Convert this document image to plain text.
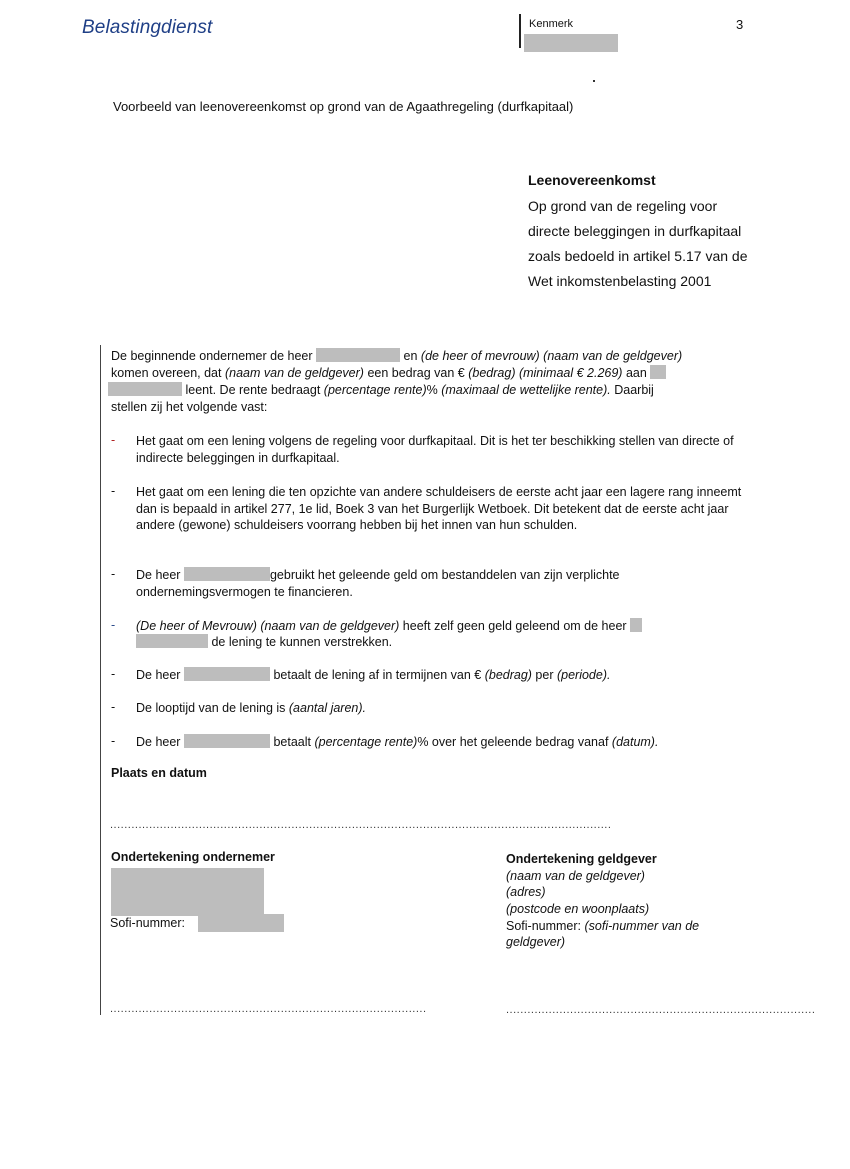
Belastingdienst	Kenmerk	3
Voorbeeld van leenovereenkomst op grond van de Agaathregeling (durfkapitaal)
Leenovereenkomst
Op grond van de regeling voor
directe beleggingen in durfkapitaal
zoals bedoeld in artikel 5.17 van de
Wet inkomstenbelasting 2001
De beginnende ondernemer de heer	en (de heer of mevrouw) (naam van de geldgever)
komen overeen, dat (naam van de geldgever) een bedrag van € (bedrag) (minimaal € 2.269) aan
leent. De rente bedraagt (percentage rente)% (maximaal de wettelijke rente). Daarbij
stellen zij het volgende vast:
- Het gaat om een lening volgens de regeling voor durfkapitaal. Dit is het ter beschikking stellen van directe of indirecte beleggingen in durfkapitaal.
- Het gaat om een lening die ten opzichte van andere schuldeisers de eerste acht jaar een lagere rang inneemt dan is bepaald in artikel 277, 1e lid, Boek 3 van het Burgerlijk Wetboek. Dit betekent dat de eerste acht jaar andere (gewone) schuldeisers voorrang hebben bij het innen van hun schulden.
- De heer	gebruikt het geleende geld om bestanddelen van zijn verplichte
ondernemingsvermogen te financieren.
- (De heer of Mevrouw) (naam van de geldgever) heeft zelf geen geld geleend om de heer
de lening te kunnen verstrekken.
- De heer	betaalt de lening af in termijnen van € (bedrag) per (periode).
- De looptijd van de lening is (aantal jaren).
- De heer	betaalt (percentage rente)% over het geleende bedrag vanaf (datum).
Plaats en datum
.............................................................................................................................................
Ondertekening ondernemer
Sofi-nummer:
.........................................................................................
Ondertekening geldgever
(naam van de geldgever)
(adres)
(postcode en woonplaats)
Sofi-nummer: (sofi-nummer van de
geldgever)
.......................................................................................
